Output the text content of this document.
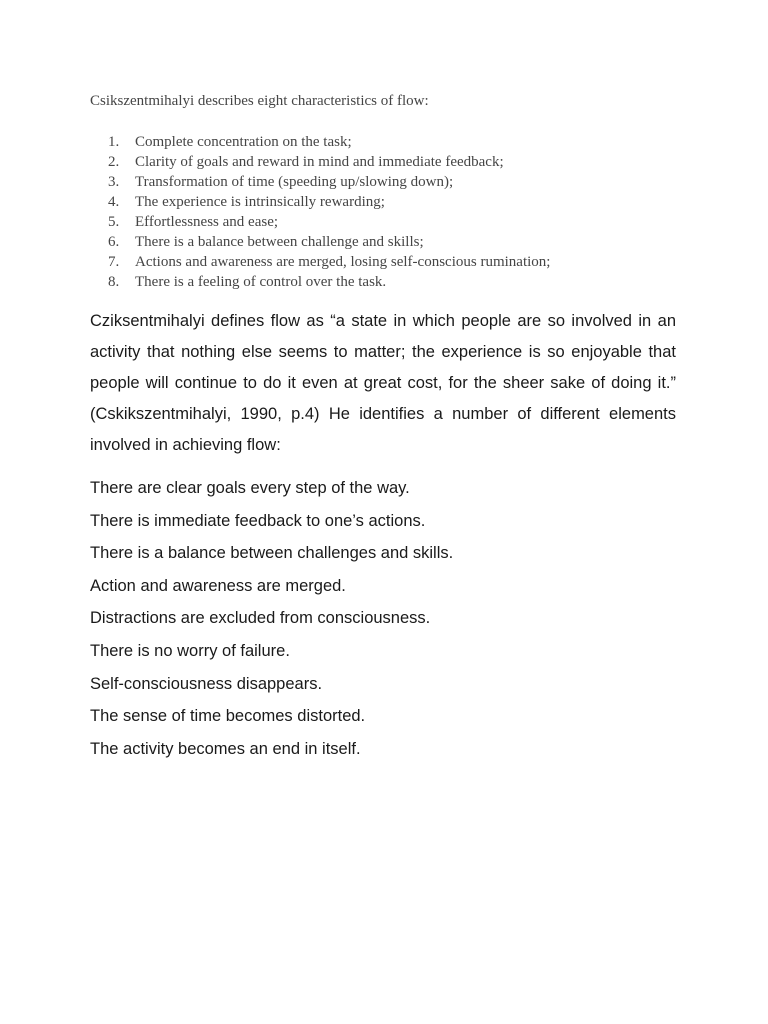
Csikszentmihalyi describes eight characteristics of flow:

1. Complete concentration on the task;
2. Clarity of goals and reward in mind and immediate feedback;
3. Transformation of time (speeding up/slowing down);
4. The experience is intrinsically rewarding;
5. Effortlessness and ease;
6. There is a balance between challenge and skills;
7. Actions and awareness are merged, losing self-conscious rumination;
8. There is a feeling of control over the task.

Cziksentmihalyi defines flow as “a state in which people are so involved in an activity that nothing else seems to matter; the experience is so enjoyable that people will continue to do it even at great cost, for the sheer sake of doing it.” (Cskikszentmihalyi, 1990, p.4) He identifies a number of different elements involved in achieving flow:

There are clear goals every step of the way.
There is immediate feedback to one’s actions.
There is a balance between challenges and skills.
Action and awareness are merged.
Distractions are excluded from consciousness.
There is no worry of failure.
Self-consciousness disappears.
The sense of time becomes distorted.
The activity becomes an end in itself.
